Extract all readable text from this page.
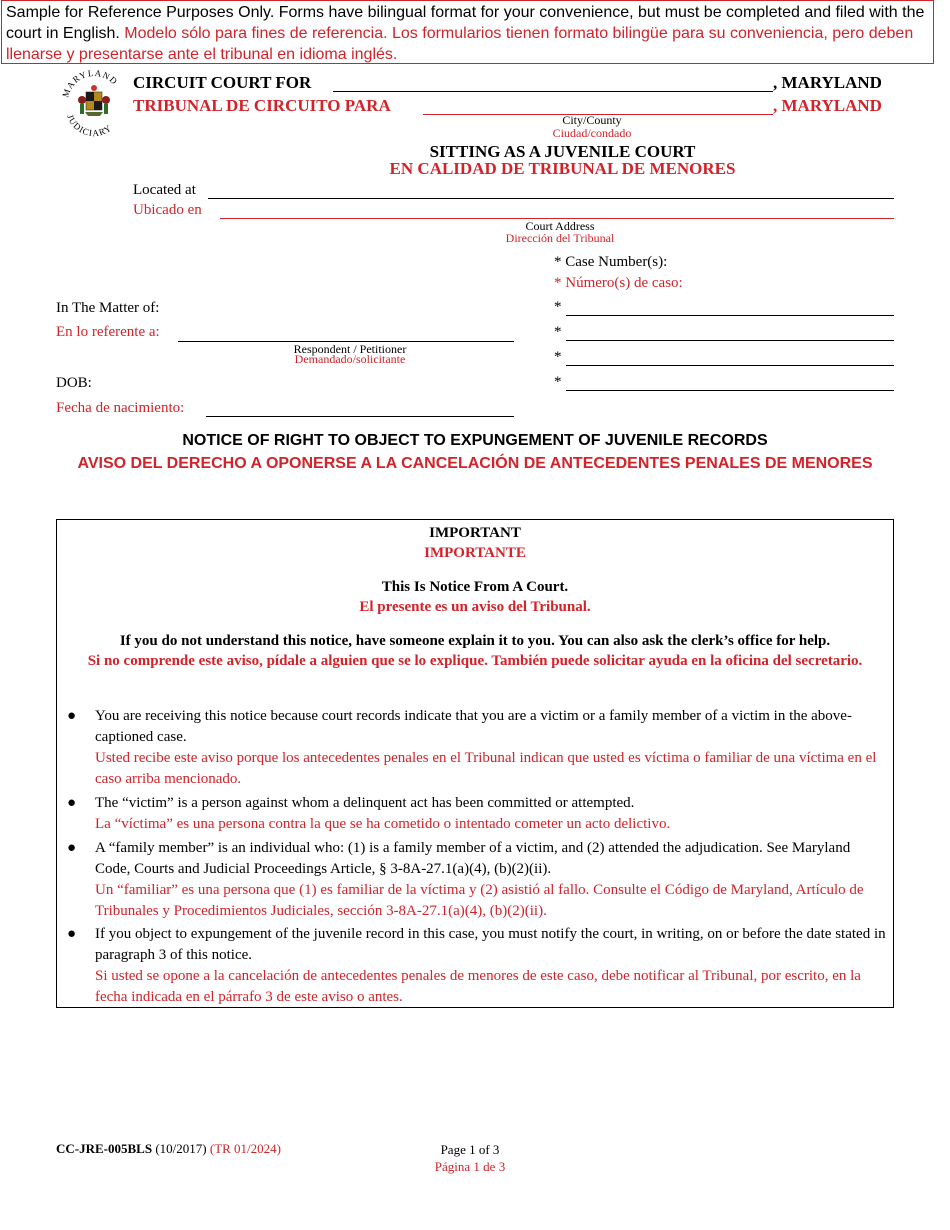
Sample for Reference Purposes Only. Forms have bilingual format for your convenience, but must be completed and filed with the court in English. Modelo sólo para fines de referencia. Los formularios tienen formato bilingüe para su conveniencia, pero deben llenarse y presentarse ante el tribunal en idioma inglés.
MARYLAND
JUDICIARY
CIRCUIT COURT FOR	, MARYLAND
TRIBUNAL DE CIRCUITO PARA	, MARYLAND
City/County
Ciudad/condado
SITTING AS A JUVENILE COURT
EN CALIDAD DE TRIBUNAL DE MENORES
Located at
Ubicado en
Court Address
Dirección del Tribunal
* Case Number(s):
* Número(s) de caso:
*
*
*
*
In The Matter of:
En lo referente a:
Respondent / Petitioner
Demandado/solicitante
DOB:
Fecha de nacimiento:
NOTICE OF RIGHT TO OBJECT TO EXPUNGEMENT OF JUVENILE RECORDS
AVISO DEL DERECHO A OPONERSE A LA CANCELACIÓN DE ANTECEDENTES PENALES DE MENORES
IMPORTANT
IMPORTANTE
This Is Notice From A Court.
El presente es un aviso del Tribunal.
If you do not understand this notice, have someone explain it to you. You can also ask the clerk’s office for help.
Si no comprende este aviso, pídale a alguien que se lo explique. También puede solicitar ayuda en la oficina del secretario.
● You are receiving this notice because court records indicate that you are a victim or a family member of a victim in the above-captioned case.
Usted recibe este aviso porque los antecedentes penales en el Tribunal indican que usted es víctima o familiar de una víctima en el caso arriba mencionado.
● The “victim” is a person against whom a delinquent act has been committed or attempted.
La “víctima” es una persona contra la que se ha cometido o intentado cometer un acto delictivo.
● A “family member” is an individual who: (1) is a family member of a victim, and (2) attended the adjudication. See Maryland Code, Courts and Judicial Proceedings Article, § 3-8A-27.1(a)(4), (b)(2)(ii).
Un “familiar” es una persona que (1) es familiar de la víctima y (2) asistió al fallo. Consulte el Código de Maryland, Artículo de Tribunales y Procedimientos Judiciales, sección 3-8A-27.1(a)(4), (b)(2)(ii).
● If you object to expungement of the juvenile record in this case, you must notify the court, in writing, on or before the date stated in paragraph 3 of this notice.
Si usted se opone a la cancelación de antecedentes penales de menores de este caso, debe notificar al Tribunal, por escrito, en la fecha indicada en el párrafo 3 de este aviso o antes.
CC-JRE-005BLS (10/2017) (TR 01/2024)	Page 1 of 3
Página 1 de 3
